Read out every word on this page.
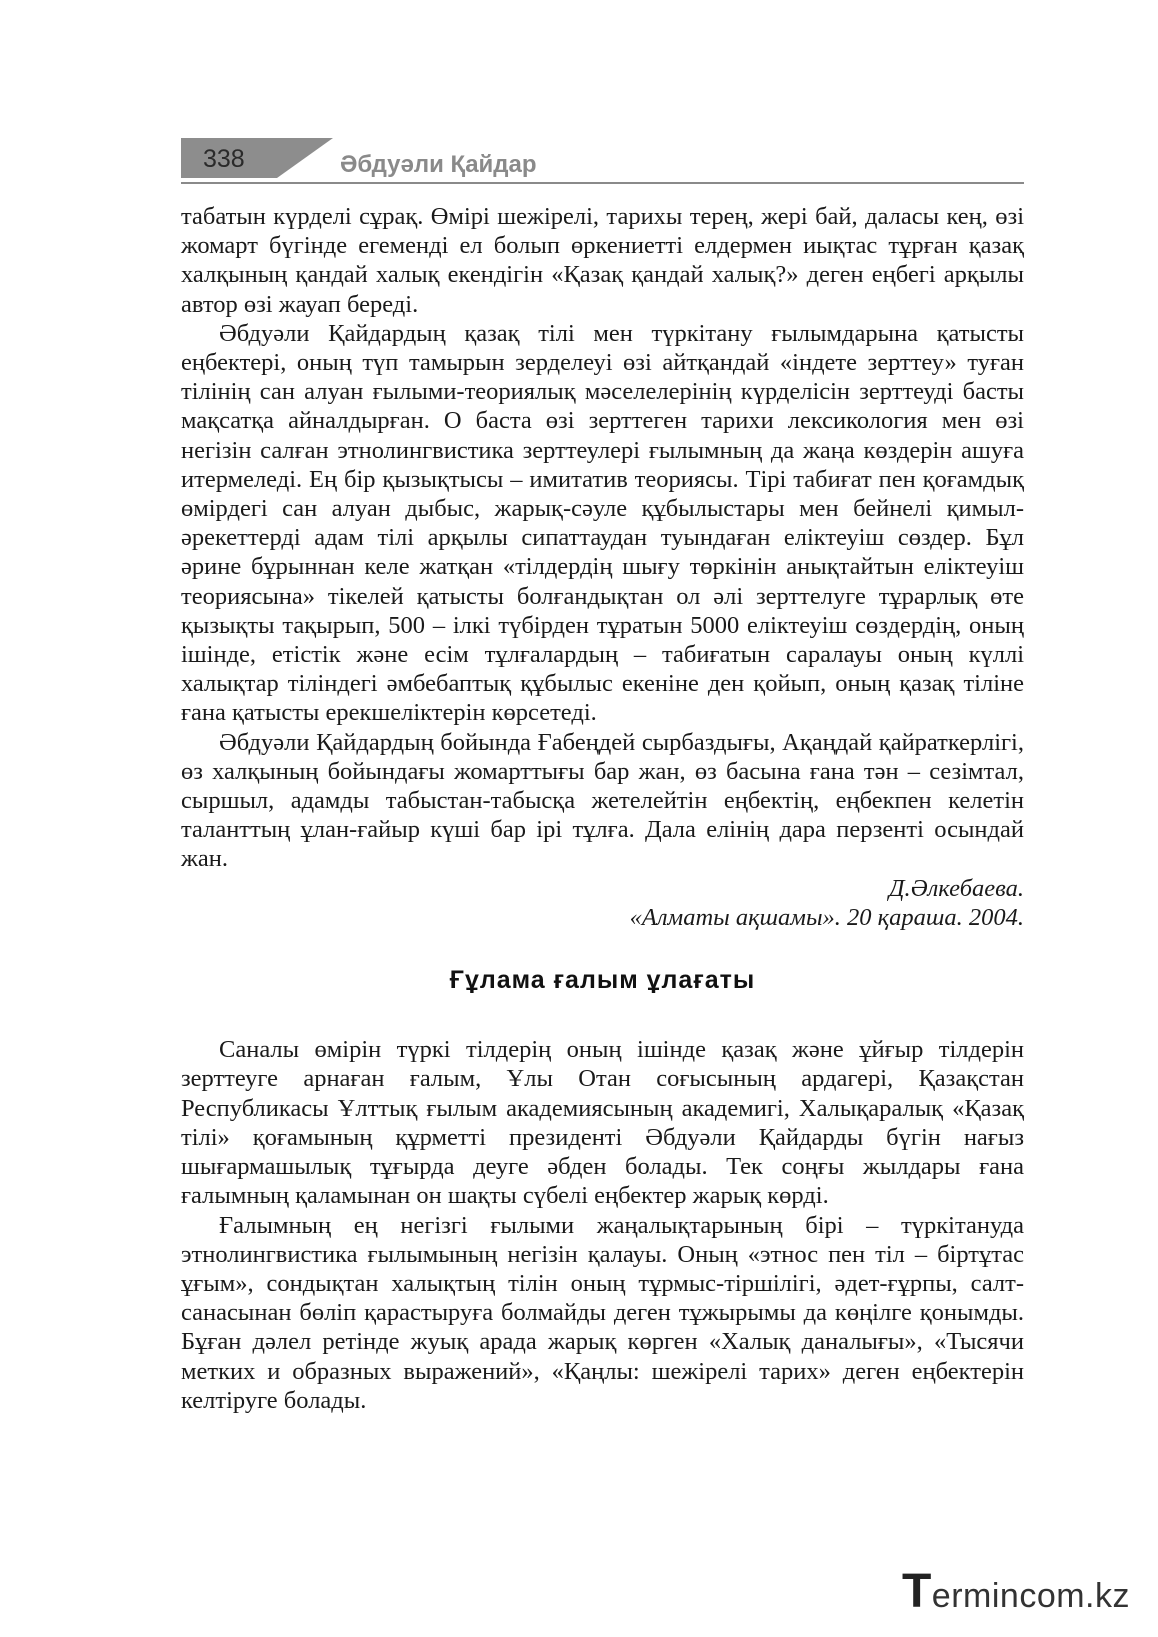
338	Әбдуәли Қайдар

табатын күрделі сұрақ. Өмірі шежірелі, тарихы терең, жері бай, даласы кең, өзі жомарт бүгінде егеменді ел болып өркениетті елдермен иықтас тұрған қазақ халқының қандай халық екендігін «Қазақ қандай халық?» деген еңбегі арқылы автор өзі жауап береді.

Әбдуәли Қайдардың қазақ тілі мен түркітану ғылымдарына қатысты еңбектері, оның түп тамырын зерделеуі өзі айтқандай «індете зерттеу» туған тілінің сан алуан ғылыми-теориялық мәселелерінің күрделісін зерттеуді басты мақсатқа айналдырған. О баста өзі зерттеген тарихи лексикология мен өзі негізін салған этнолингвистика зерттеулері ғылымның да жаңа көздерін ашуға итермеледі. Ең бір қызықтысы – имитатив теориясы. Тірі табиғат пен қоғамдық өмірдегі сан алуан дыбыс, жарық-сәуле құбылыстары мен бейнелі қимыл-әрекеттерді адам тілі арқылы сипаттаудан туындаған еліктеуіш сөздер. Бұл әрине бұрыннан келе жатқан «тілдердің шығу төркінін анықтайтын еліктеуіш теориясына» тікелей қатысты болғандықтан ол әлі зерттелуге тұрарлық өте қызықты тақырып, 500 – ілкі түбірден тұратын 5000 еліктеуіш сөздердің, оның ішінде, етістік және есім тұлғалардың – табиғатын саралауы оның күллі халықтар тіліндегі әмбебаптық құбылыс екеніне ден қойып, оның қазақ тіліне ғана қатысты ерекшеліктерін көрсетеді.

Әбдуәли Қайдардың бойында Ғабеңдей сырбаздығы, Ақаңдай қайраткерлігі, өз халқының бойындағы жомарттығы бар жан, өз басына ғана тән – сезімтал, сыршыл, адамды табыстан-табысқа жетелейтін еңбектің, еңбекпен келетін таланттың ұлан-ғайыр күші бар ірі тұлға. Дала елінің дара перзенті осындай жан.

Д.Әлкебаева.
«Алматы ақшамы». 20 қараша. 2004.
Ғұлама ғалым ұлағаты

Саналы өмірін түркі тілдерің оның ішінде қазақ және ұйғыр тілдерін зерттеуге арнаған ғалым, Ұлы Отан соғысының ардагері, Қазақстан Республикасы Ұлттық ғылым академиясының академигі, Халықаралық «Қазақ тілі» қоғамының құрметті президенті Әбдуәли Қайдарды бүгін нағыз шығармашылық тұғырда деуге әбден болады. Тек соңғы жылдары ғана ғалымның қаламынан он шақты сүбелі еңбектер жарық көрді.

Ғалымның ең негізгі ғылыми жаңалықтарының бірі – түркітануда этнолингвистика ғылымының негізін қалауы. Оның «этнос пен тіл – біртұтас ұғым», сондықтан халықтың тілін оның тұрмыс-тіршілігі, әдет-ғұрпы, салт-санасынан бөліп қарастыруға болмайды деген тұжырымы да көңілге қонымды. Бұған дәлел ретінде жуық арада жарық көрген «Халық даналығы», «Тысячи метких и образных выражений», «Қаңлы: шежірелі тарих» деген еңбектерін келтіруге болады.

Termincom.kz
